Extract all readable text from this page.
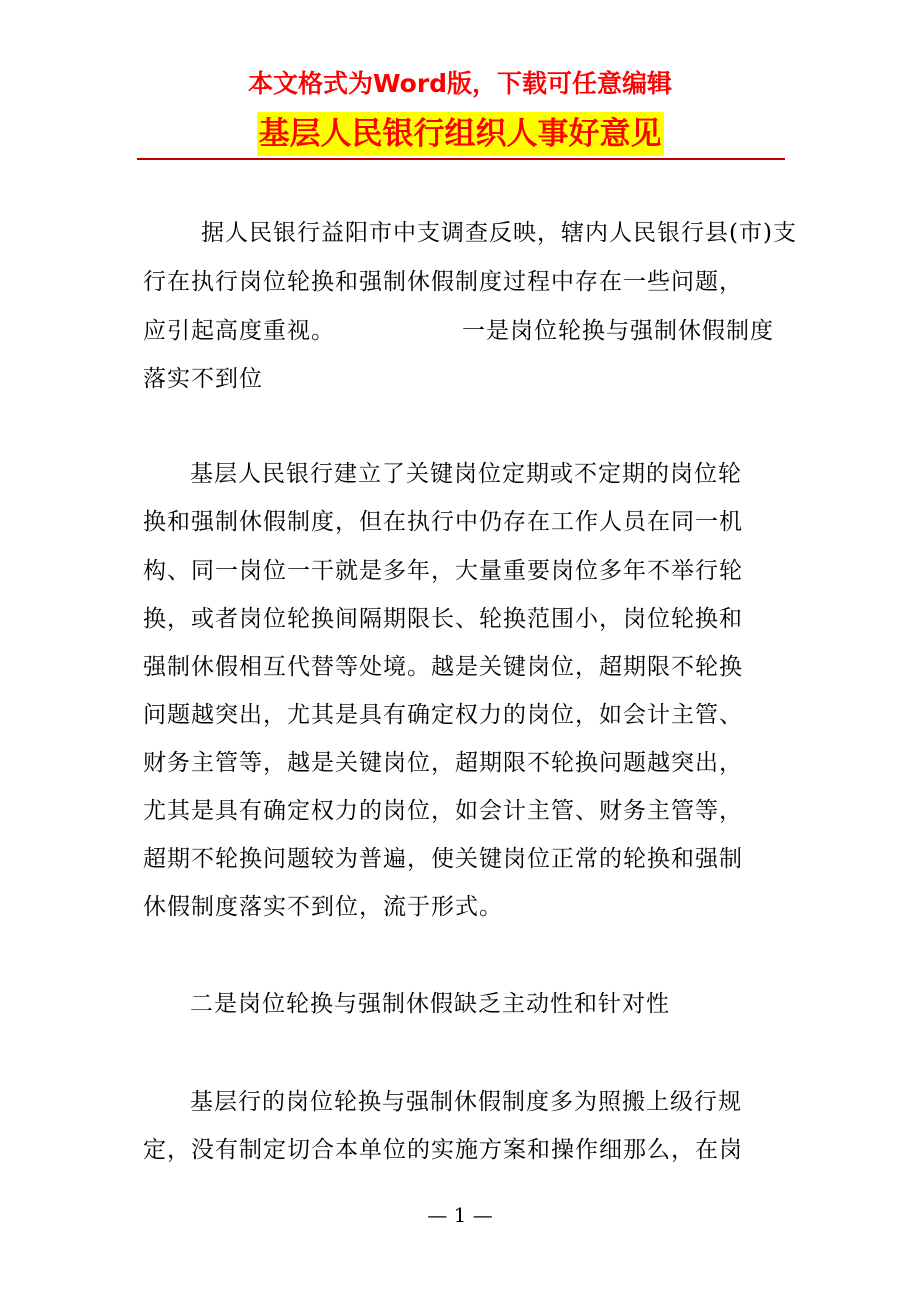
本文格式为Word版，下载可任意编辑
基层人民银行组织人事好意见
据人民银行益阳市中支调查反映，辖内人民银行县(市)支
行在执行岗位轮换和强制休假制度过程中存在一些问题，
应引起高度重视。	一是岗位轮换与强制休假制度
落实不到位
基层人民银行建立了关键岗位定期或不定期的岗位轮
换和强制休假制度，但在执行中仍存在工作人员在同一机
构、同一岗位一干就是多年，大量重要岗位多年不举行轮
换，或者岗位轮换间隔期限长、轮换范围小，岗位轮换和
强制休假相互代替等处境。越是关键岗位，超期限不轮换
问题越突出，尤其是具有确定权力的岗位，如会计主管、
财务主管等，越是关键岗位，超期限不轮换问题越突出，
尤其是具有确定权力的岗位，如会计主管、财务主管等，
超期不轮换问题较为普遍，使关键岗位正常的轮换和强制
休假制度落实不到位，流于形式。
二是岗位轮换与强制休假缺乏主动性和针对性
基层行的岗位轮换与强制休假制度多为照搬上级行规
定，没有制定切合本单位的实施方案和操作细那么，在岗
— 1 —
